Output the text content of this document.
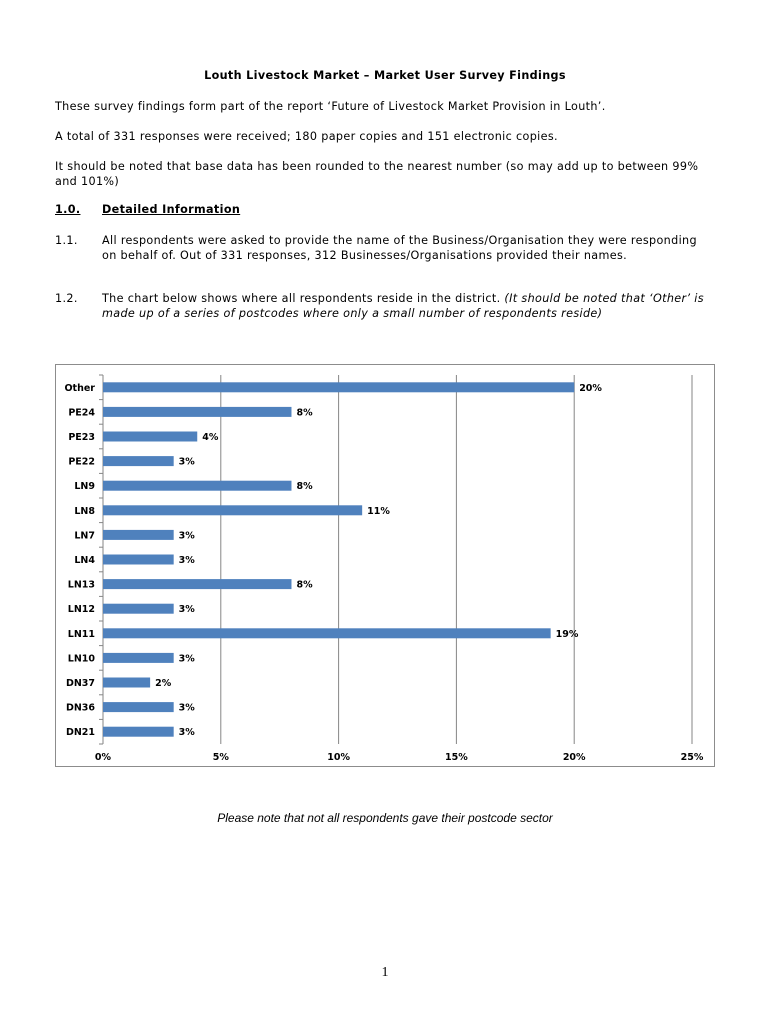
Louth Livestock Market – Market User Survey Findings

These survey findings form part of the report ‘Future of Livestock Market Provision in Louth’.

A total of 331 responses were received; 180 paper copies and 151 electronic copies.

It should be noted that base data has been rounded to the nearest number (so may add up to between 99% and 101%)

1.0. Detailed Information
1.1. All respondents were asked to provide the name of the Business/Organisation they were responding on behalf of. Out of 331 responses, 312 Businesses/Organisations provided their names.

1.2. The chart below shows where all respondents reside in the district. (It should be noted that ‘Other’ is made up of a series of postcodes where only a small number of respondents reside)

Other	20%
PE24	8%
PE23	4%
PE22	3%
LN9	8%
LN8	11%
LN7	3%
LN4	3%
LN13	8%
LN12	3%
LN11	19%
LN10	3%
DN37	2%
DN36	3%
DN21	3%
0%	5%	10%	15%	20%	25%
Please note that not all respondents gave their postcode sector
1
